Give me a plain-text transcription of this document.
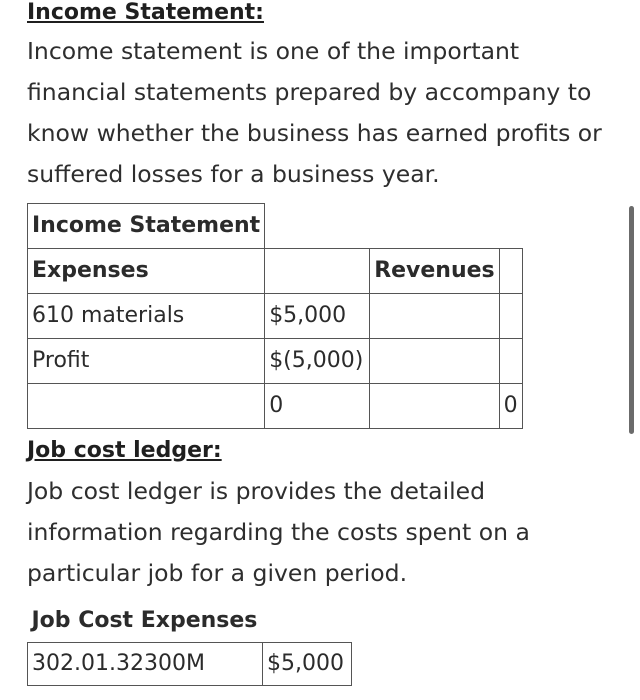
Income Statement:

Income statement is one of the important financial statements prepared by accompany to know whether the business has earned profits or suffered losses for a business year.

Income Statement			
Expenses		Revenues	
610 materials	$5,000		
Profit	$(5,000)		
	0		0
Job cost ledger:

Job cost ledger is provides the detailed information regarding the costs spent on a particular job for a given period.

Job Cost Expenses
302.01.32300M	$5,000
